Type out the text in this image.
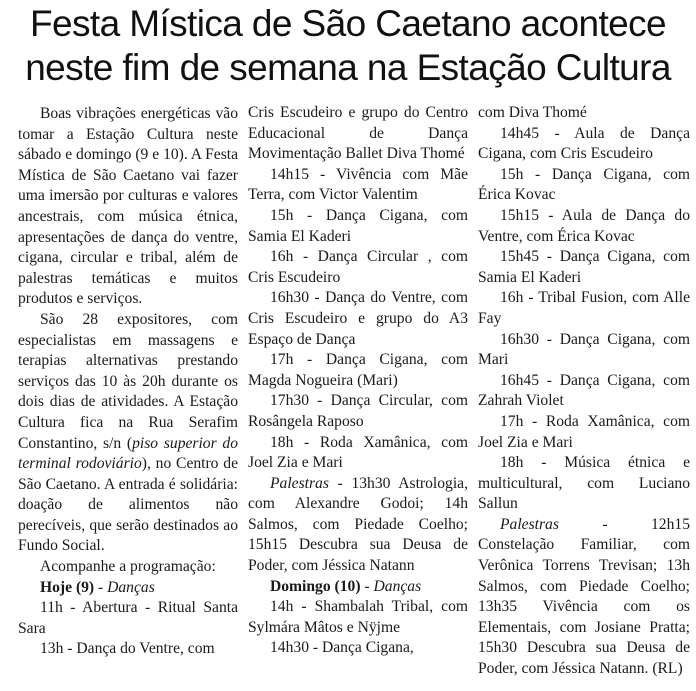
Festa Mística de São Caetano acontece
neste fim de semana na Estação Cultura

Boas vibrações energéticas vão tomar a Estação Cultura neste sábado e domingo (9 e 10). A Festa Mística de São Caetano vai fazer uma imersão por culturas e valores ancestrais, com música étnica, apresentações de dança do ventre, cigana, circular e tribal, além de palestras temáticas e muitos produtos e serviços.

São 28 expositores, com especialistas em massagens e terapias alternativas prestando serviços das 10 às 20h durante os dois dias de atividades. A Estação Cultura fica na Rua Serafim Constantino, s/n (piso superior do terminal rodoviário), no Centro de São Caetano. A entrada é solidária: doação de alimentos não perecíveis, que serão destinados ao Fundo Social.

Acompanhe a programação:

Hoje (9) - Danças

11h - Abertura - Ritual Santa Sara

13h - Dança do Ventre, com

Cris Escudeiro e grupo do Centro Educacional de Dança Movimentação Ballet Diva Thomé

14h15 - Vivência com Mãe Terra, com Victor Valentim

15h - Dança Cigana, com Samia El Kaderi

16h - Dança Circular , com Cris Escudeiro

16h30 - Dança do Ventre, com Cris Escudeiro e grupo do A3 Espaço de Dança

17h - Dança Cigana, com Magda Nogueira (Mari)

17h30 - Dança Circular, com Rosângela Raposo

18h - Roda Xamânica, com Joel Zia e Mari

Palestras - 13h30 Astrologia, com Alexandre Godoi; 14h Salmos, com Piedade Coelho; 15h15 Descubra sua Deusa de Poder, com Jéssica Natann

Domingo (10) - Danças

14h - Shambalah Tribal, com Sylmára Mâtos e Nÿjme

14h30 - Dança Cigana,

com Diva Thomé

14h45 - Aula de Dança Cigana, com Cris Escudeiro

15h - Dança Cigana, com Érica Kovac

15h15 - Aula de Dança do Ventre, com Érica Kovac

15h45 - Dança Cigana, com Samia El Kaderi

16h - Tribal Fusion, com Alle Fay

16h30 - Dança Cigana, com Mari

16h45 - Dança Cigana, com Zahrah Violet

17h - Roda Xamânica, com Joel Zia e Mari

18h - Música étnica e multicultural, com Luciano Sallun

Palestras - 12h15 Constelação Familiar, com Verônica Torrens Trevisan; 13h Salmos, com Piedade Coelho; 13h35 Vivência com os Elementais, com Josiane Pratta; 15h30 Descubra sua Deusa de Poder, com Jéssica Natann. (RL)
